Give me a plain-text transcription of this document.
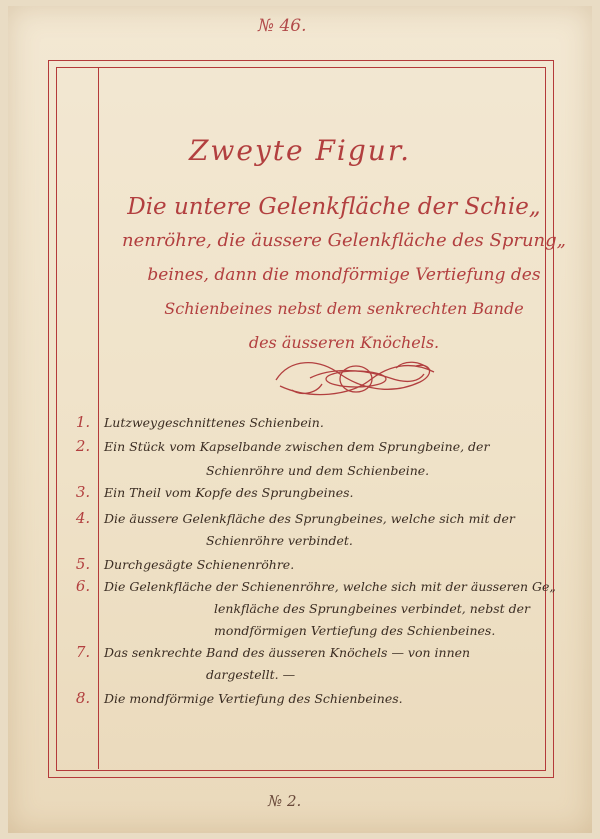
№ 46.
Zweyte Figur.
Die untere Gelenkfläche der Schie„
nenröhre, die äussere Gelenkfläche des Sprung„
beines, dann die mondförmige Vertiefung des
Schienbeines nebst dem senkrechten Bande
des äusseren Knöchels.
1.	Lutzweygeschnittenes Schienbein.
2.	Ein Stück vom Kapselbande zwischen dem Sprungbeine, der
Schienröhre und dem Schienbeine.
3.	Ein Theil vom Kopfe des Sprungbeines.
4.	Die äussere Gelenkfläche des Sprungbeines, welche sich mit der
Schienröhre verbindet.
5.	Durchgesägte Schienenröhre.
6.	Die Gelenkfläche der Schienenröhre, welche sich mit der äusseren Ge„
lenkfläche des Sprungbeines verbindet, nebst der
mondförmigen Vertiefung des Schienbeines.
7.	Das senkrechte Band des äusseren Knöchels — von innen
dargestellt. —
8.	Die mondförmige Vertiefung des Schienbeines.
№ 2.
